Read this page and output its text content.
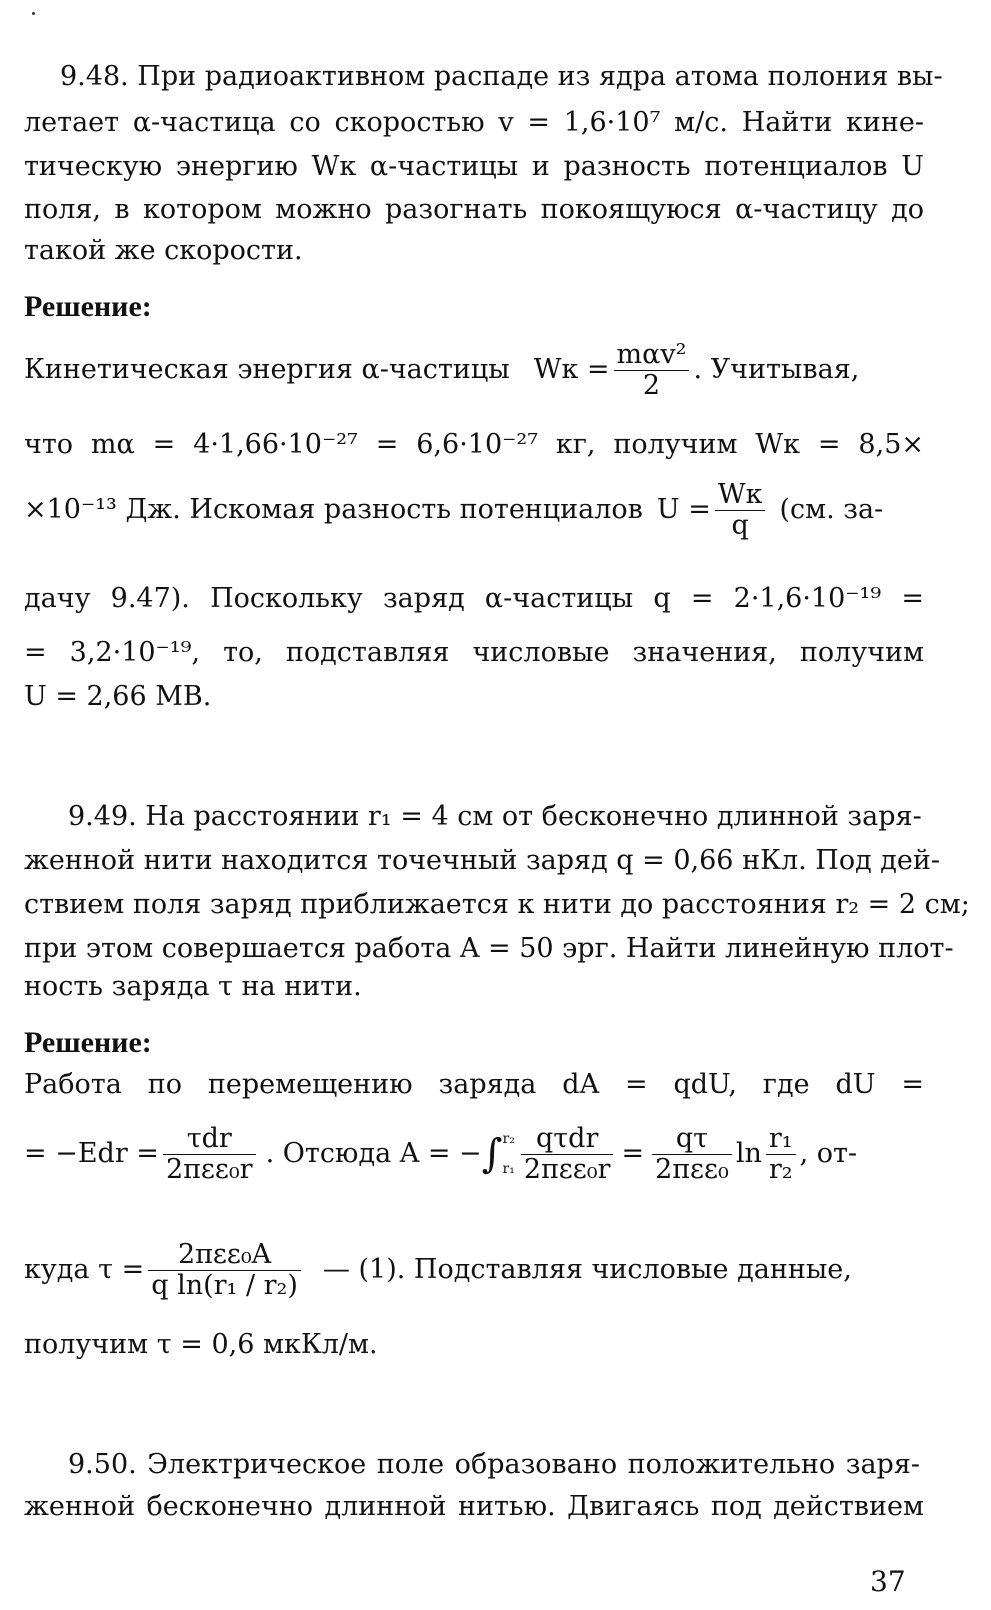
9.48. При радиоактивном распаде из ядра атома полония вы-
летает α-частица со скоростью v = 1,6·10⁷ м/с. Найти кине-
тическую энергию Wк α-частицы и разность потенциалов U
поля, в котором можно разогнать покоящуюся α-частицу до
такой же скорости.
Решение:
Кинетическая энергия α-частицы Wк = $\frac{\text{mαv²}}{2}$ . Учитывая,
что mα = 4·1,66·10⁻²⁷ = 6,6·10⁻²⁷ кг, получим Wк = 8,5×
×10⁻¹³ Дж. Искомая разность потенциалов $U = \frac{Wк}{q} (см$. за-
дачу 9.47). Поскольку заряд α-частицы q = 2·1,6·10⁻¹⁹ =
= 3,2·10⁻¹⁹, то, подставляя числовые значения, получим
U = 2,66 MB.
9.49. На расстоянии r₁ = 4 см от бесконечно длинной заря-
женной нити находится точечный заряд q = 0,66 нКл. Под дей-
ствием поля заряд приближается к нити до расстояния r₂ = 2 см;
при этом совершается работа A = 50 эрг. Найти линейную плот-
ность заряда τ на нити.
Решение:
Работа по перемещению заряда dA = qdU, где dU =
= $-Edr = \frac{\text{τdr}}{\text{2πεε₀r}}$ . Отсюда A = − ∫ r₂
$r_1 \frac{\text{qτdr}}{\text{2πεε₀r}} = \frac{q\tau}{\text{2πεε₀}}$ $\ln \frac{\text{r₁}}{\text{r₂}}$ , от-
куда $\tau = \frac{\text{2πεε₀A}}{\text{q ln(r₁ / r₂)}}$ — (1). Подставляя числовые данные,
получим τ = 0,6 мкКл/м.
9.50. Электрическое поле образовано положительно заря-
женной бесконечно длинной нитью. Двигаясь под действием
37
